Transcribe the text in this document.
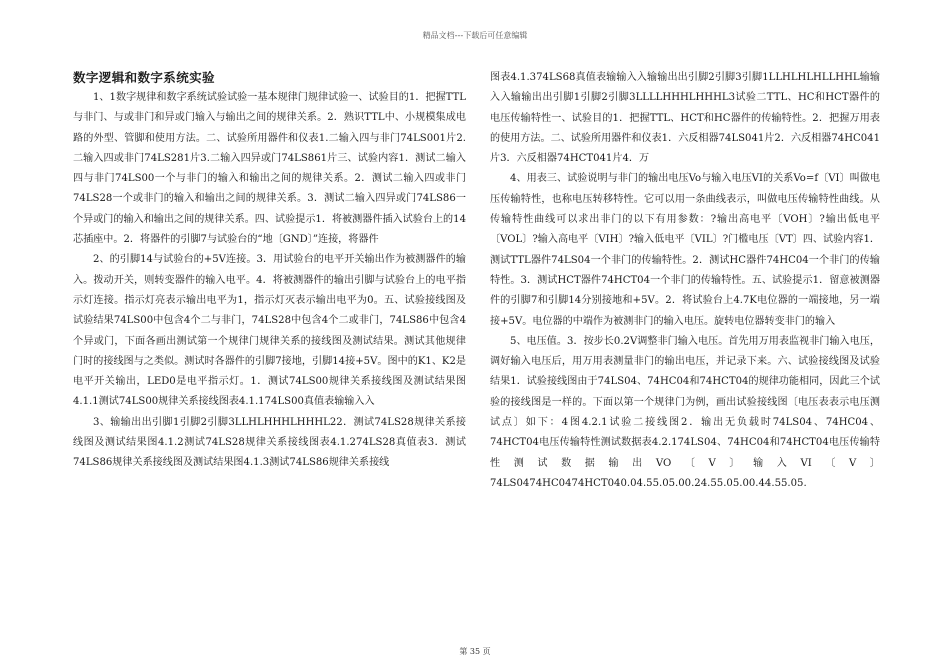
精品文档---下载后可任意编辑
数字逻辑和数字系统实验

1、1数字规律和数字系统试验试验一基本规律门规律试验一、试验目的1．把握TTL与非门、与或非门和异或门输入与输出之间的规律关系。2．熟识TTL中、小规模集成电路的外型、管脚和使用方法。二、试验所用器件和仪表1.二输入四与非门74LS001片2.二输入四或非门74LS281片3.二输入四异或门74LS861片三、试验内容1．测试二输入四与非门74LS00一个与非门的输入和输出之间的规律关系。2．测试二输入四或非门74LS28一个或非门的输入和输出之间的规律关系。3．测试二输入四异或门74LS86一个异或门的输入和输出之间的规律关系。四、试验提示1．将被测器件插入试验台上的14芯插座中。2．将器件的引脚7与试验台的“地〔GND〕”连接，将器件

2、的引脚14与试验台的+5V连接。3．用试验台的电平开关输出作为被测器件的输入。拨动开关，则转变器件的输入电平。4．将被测器件的输出引脚与试验台上的电平指示灯连接。指示灯亮表示输出电平为1，指示灯灭表示输出电平为0。五、试验接线图及试验结果74LS00中包含4个二与非门，74LS28中包含4个二或非门，74LS86中包含4个异或门，下面各画出测试第一个规律门规律关系的接线图及测试结果。测试其他规律门时的接线图与之类似。测试时各器件的引脚7接地，引脚14接+5V。图中的K1、K2是电平开关输出，LED0是电平指示灯。1．测试74LS00规律关系接线图及测试结果图4.1.1测试74LS00规律关系接线图表4.1.174LS00真值表输输入入

3、输输出出引脚1引脚2引脚3LLHLHHHLHHHL22．测试74LS28规律关系接线图及测试结果图4.1.2测试74LS28规律关系接线图表4.1.274LS28真值表3．测试74LS86规律关系接线图及测试结果图4.1.3测试74LS86规律关系接线

图表4.1.374LS68真值表输输入入输输出出引脚2引脚3引脚1LLHLHLHLLHHL输输入入输输出出引脚1引脚2引脚3LLLLHHHLHHHL3试验二TTL、HC和HCT器件的电压传输特性一、试验目的1．把握TTL、HCT和HC器件的传输特性。2．把握万用表的使用方法。二、试验所用器件和仪表1．六反相器74LS041片2．六反相器74HC041片3．六反相器74HCT041片4．万

4、用表三、试验说明与非门的输出电压Vo与输入电压VI的关系Vo=f〔VI〕叫做电压传输特性，也称电压转移特性。它可以用一条曲线表示，叫做电压传输特性曲线。从传输特性曲线可以求出非门的以下有用参数：?输出高电平〔VOH〕?输出低电平〔VOL〕?输入高电平〔VIH〕?输入低电平〔VIL〕?门槛电压〔VT〕四、试验内容1．测试TTL器件74LS04一个非门的传输特性。2．测试HC器件74HC04一个非门的传输特性。3．测试HCT器件74HCT04一个非门的传输特性。五、试验提示1．留意被测器件的引脚7和引脚14分别接地和+5V。2．将试验台上4.7K电位器的一端接地，另一端接+5V。电位器的中端作为被测非门的输入电压。旋转电位器转变非门的输入

5、电压值。3．按步长0.2V调整非门输入电压。首先用万用表监视非门输入电压，调好输入电压后，用万用表测量非门的输出电压，并记录下来。六、试验接线图及试验结果1．试验接线图由于74LS04、74HC04和74HCT04的规律功能相同，因此三个试验的接线图是一样的。下面以第一个规律门为例，画出试验接线图〔电压表表示电压测试点〕如下：4图4.2.1试验二接线图2．输出无负载时74LS04、74HC04、74HCT04电压传输特性测试数据表4.2.174LS04、74HC04和74HCT04电压传输特性测试数据输出VO〔V〕输入VI〔V〕74LS0474HC0474HCT040.04.55.05.00.24.55.05.00.44.55.05.

第 35 页
